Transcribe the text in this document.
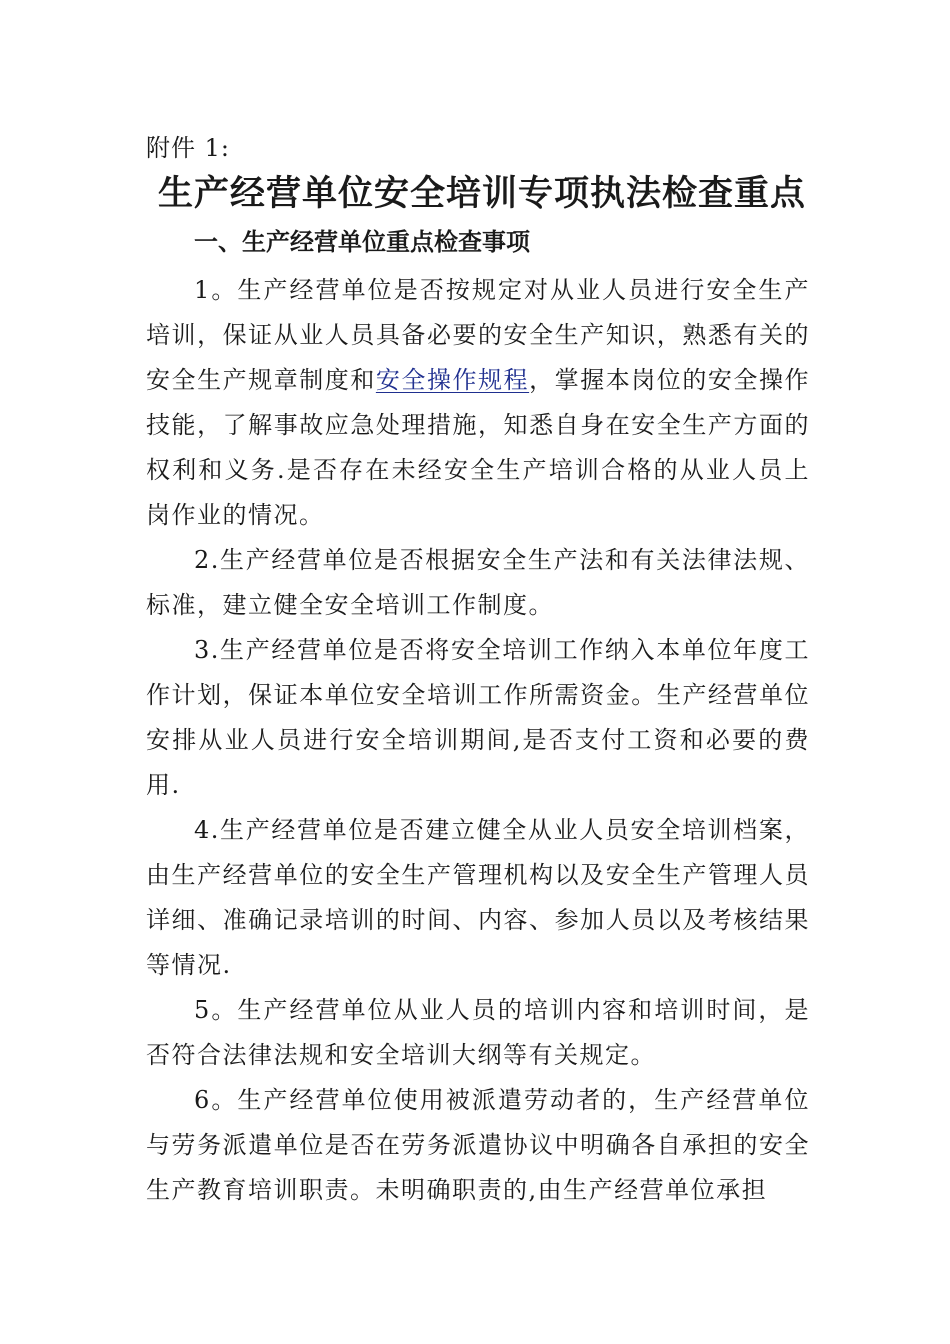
附件 1:

生产经营单位安全培训专项执法检查重点
一、生产经营单位重点检查事项

1。生产经营单位是否按规定对从业人员进行安全生产培训，保证从业人员具备必要的安全生产知识，熟悉有关的安全生产规章制度和安全操作规程，掌握本岗位的安全操作技能，了解事故应急处理措施，知悉自身在安全生产方面的权利和义务.是否存在未经安全生产培训合格的从业人员上岗作业的情况。

2.生产经营单位是否根据安全生产法和有关法律法规、标准，建立健全安全培训工作制度。

3.生产经营单位是否将安全培训工作纳入本单位年度工作计划，保证本单位安全培训工作所需资金。生产经营单位安排从业人员进行安全培训期间,是否支付工资和必要的费用.

4.生产经营单位是否建立健全从业人员安全培训档案，由生产经营单位的安全生产管理机构以及安全生产管理人员详细、准确记录培训的时间、内容、参加人员以及考核结果等情况.

5。生产经营单位从业人员的培训内容和培训时间，是否符合法律法规和安全培训大纲等有关规定。

6。生产经营单位使用被派遣劳动者的，生产经营单位与劳务派遣单位是否在劳务派遣协议中明确各自承担的安全生产教育培训职责。未明确职责的,由生产经营单位承担
